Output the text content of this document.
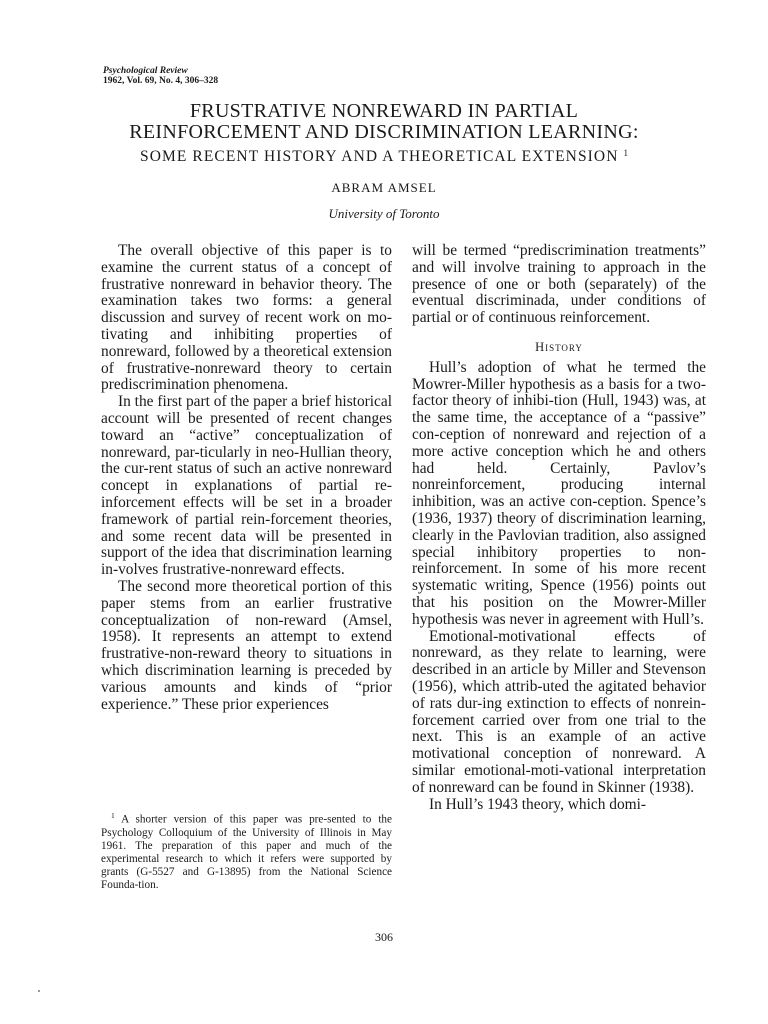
Psychological Review
1962, Vol. 69, No. 4, 306–328
FRUSTRATIVE NONREWARD IN PARTIAL
REINFORCEMENT AND DISCRIMINATION LEARNING:
SOME RECENT HISTORY AND A THEORETICAL EXTENSION $^1$
ABRAM AMSEL
University of Toronto

The overall objective of this paper is to examine the current status of a concept of frustrative nonreward in behavior theory. The examination takes two forms: a general discussion and survey of recent work on mo-tivating and inhibiting properties of nonreward, followed by a theoretical extension of frustrative-nonreward theory to certain prediscrimination phenomena.

In the first part of the paper a brief historical account will be presented of recent changes toward an “active” conceptualization of nonreward, par-ticularly in neo-Hullian theory, the cur-rent status of such an active nonreward concept in explanations of partial re-inforcement effects will be set in a broader framework of partial rein-forcement theories, and some recent data will be presented in support of the idea that discrimination learning in-volves frustrative-nonreward effects.

The second more theoretical portion of this paper stems from an earlier frustrative conceptualization of non-reward (Amsel, 1958). It represents an attempt to extend frustrative-non-reward theory to situations in which discrimination learning is preceded by various amounts and kinds of “prior experience.” These prior experiences

$^1$ A shorter version of this paper was pre-sented to the Psychology Colloquium of the University of Illinois in May 1961. The preparation of this paper and much of the experimental research to which it refers were supported by grants (G-5527 and G-13895) from the National Science Founda-tion.

will be termed “prediscrimination treatments” and will involve training to approach in the presence of one or both (separately) of the eventual discriminada, under conditions of partial or of continuous reinforcement.

History

Hull’s adoption of what he termed the Mowrer-Miller hypothesis as a basis for a two-factor theory of inhibi-tion (Hull, 1943) was, at the same time, the acceptance of a “passive” con-ception of nonreward and rejection of a more active conception which he and others had held. Certainly, Pavlov’s nonreinforcement, producing internal inhibition, was an active con-ception. Spence’s (1936, 1937) theory of discrimination learning, clearly in the Pavlovian tradition, also assigned special inhibitory properties to non-reinforcement. In some of his more recent systematic writing, Spence (1956) points out that his position on the Mowrer-Miller hypothesis was never in agreement with Hull’s.

Emotional-motivational effects of nonreward, as they relate to learning, were described in an article by Miller and Stevenson (1956), which attrib-uted the agitated behavior of rats dur-ing extinction to effects of nonrein-forcement carried over from one trial to the next. This is an example of an active motivational conception of nonreward. A similar emotional-moti-vational interpretation of nonreward can be found in Skinner (1938).

In Hull’s 1943 theory, which domi-

306
